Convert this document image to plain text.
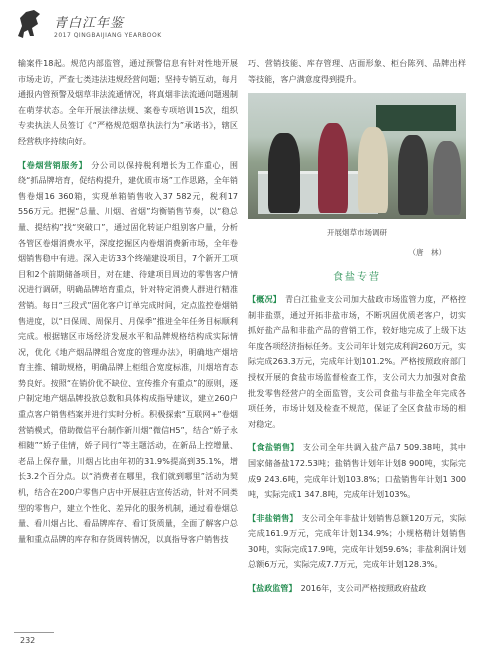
青白江年鉴
2017 QINGBAIJIANG YEARBOOK

输案件18起。规范内部监管，通过预警信息有针对性地开展市场走访，严查七类违法违规经营问题；坚持专销互动，每月通报内管预警及烟草非法流通情况，将真烟非法流通问题遏制在萌芽状态。全年开展法律法规、案卷专项培训15次，组织专卖执法人员签订《“严格规范烟草执法行为”承诺书》，辖区经营秩序持续向好。

【卷烟营销服务】 分公司以保持税利增长为工作重心，围绕“抓品牌培育，促结构提升，建优质市场”工作思路，全年销售卷烟16 360箱，实现单箱销售收入37 582元，税利17 556万元。把握“总量、川烟、省烟”均衡销售节奏，以“稳总量、提结构”找“突破口”，通过固化转证户组别客户量，分析各管区卷烟消费水平，深度挖掘区内卷烟消费新市场，全年卷烟销售稳中有进。深入走访33个终端建设项目，7个新开工项目和2个前期储备项目，对在建、待建项目周边的零售客户情况进行调研，明确品牌培育重点，针对特定消费人群进行精准营销。每日“三段式”固化客户订单完成时间，定点监控卷烟销售进度，以“日保周、周保月、月保季”推进全年任务目标顺利完成。根据辖区市场经济发展水平和品牌规格结构成实际情况，优化《地产烟品牌组合宽度的管理办法》，明确地产烟培育主推、辅助规格，明确品牌上柜组合宽度标准，川烟培育态势良好。按照“在销价优不缺位、宣传推介有重点”的原则，逐户制定地产烟品牌投放总数和具体构成指导建议，建立260户重点客户销售档案并进行实时分析。积极探索“互联网+”卷烟营销模式，借助微信平台制作新川烟“微信H5”，结合“娇子永相随”“娇子佳情，娇子同行”等主题活动，在新品上控增量、老品上保存量，川烟占比由年初的31.9%提高到35.1%，增长3.2个百分点。以“消费者在哪里，我们就到哪里”活动为契机，结合在200户零售户店中开展驻店宣传活动，针对不同类型的零售户，建立个性化、差异化的服务机制，通过看卷烟总量、看川烟占比、看品牌库存、看订货质量，全面了解客户总量和重点品牌的库存和存货周转情况，以真指导客户销售技

巧、营销技能、库存管理、店面形象、柜台陈列、品牌出样等技能，客户满意度得到提升。

开展烟草市场调研
（唐　林）
食盐专营

【概况】 青白江盐业支公司加大盐政市场监管力度，严格控制非盐票，通过开拓非盐市场，不断巩固优质老客户，切实抓好盐产品和非盐产品的营销工作，较好地完成了上级下达年度各项经济指标任务。支公司年计划完成利润260万元，实际完成263.3万元，完成年计划101.2%。严格按照政府部门授权开展的食盐市场监督检查工作，支公司大力加强对食盐批发零售经营户的全面监管，支公司食盐与非盐全年完成各项任务，市场计划及检查不规范，保证了全区食盐市场的相对稳定。

【食盐销售】 支公司全年共调入盐产品7 509.38吨，其中国家储备盐172.53吨；盐销售计划年计划8 900吨，实际完成9 243.6吨，完成年计划103.8%；口盐销售年计划1 300吨，实际完成1 347.8吨，完成年计划103%。

【非盐销售】 支公司全年非盐计划销售总额120万元，实际完成161.9万元，完成年计划134.9%；小规格精计划销售30吨，实际完成17.9吨，完成年计划59.6%；非盐利润计划总额6万元，实际完成7.7万元，完成年计划128.3%。

【盐政监管】 2016年，支公司严格按照政府盐政

232
